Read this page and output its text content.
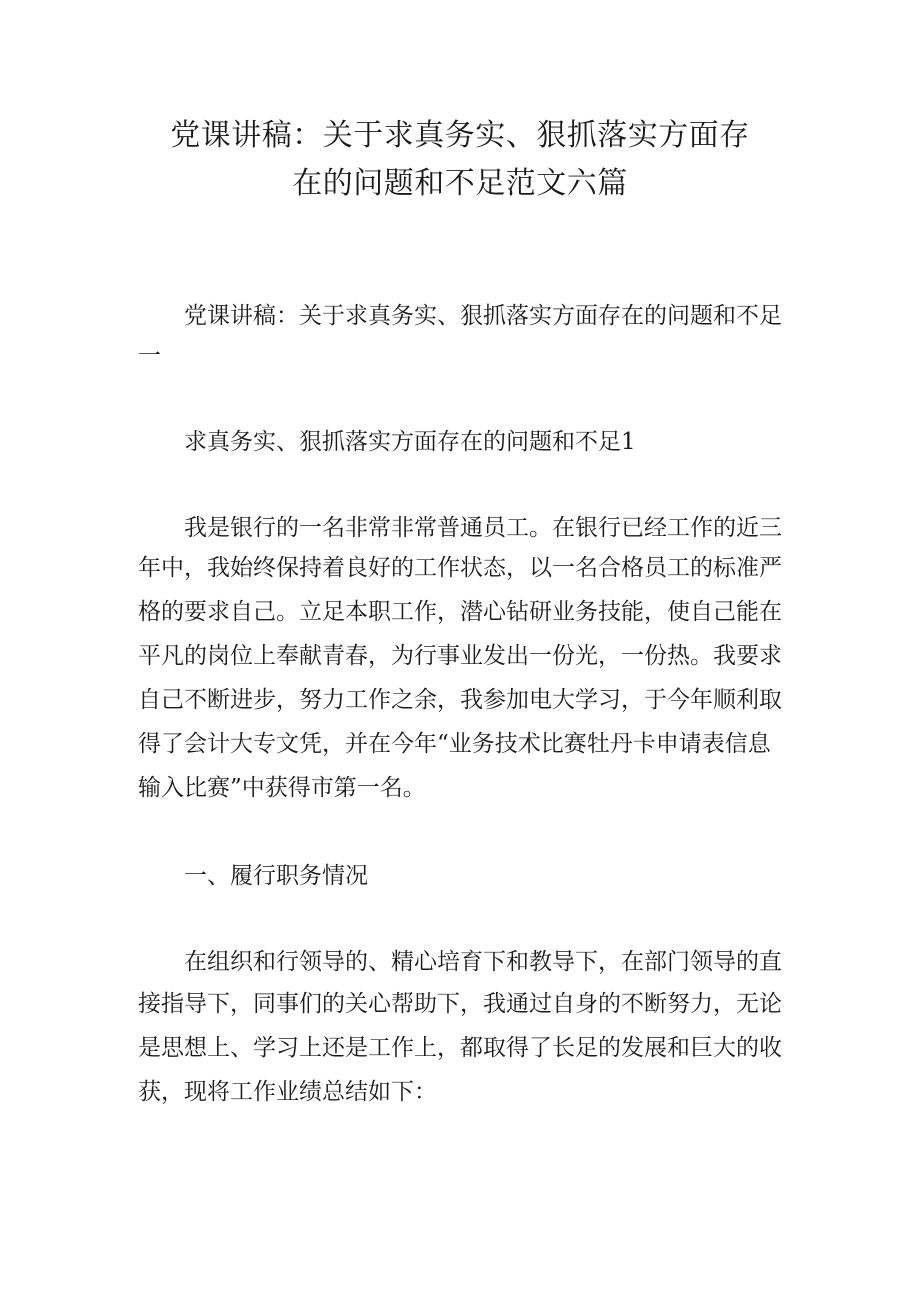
党课讲稿：关于求真务实、狠抓落实方面存
在的问题和不足范文六篇

党课讲稿：关于求真务实、狠抓落实方面存在的问题和不足

一

求真务实、狠抓落实方面存在的问题和不足1

我是银行的一名非常非常普通员工。在银行已经工作的近三

年中，我始终保持着良好的工作状态，以一名合格员工的标准严

格的要求自己。立足本职工作，潜心钻研业务技能，使自己能在

平凡的岗位上奉献青春，为行事业发出一份光，一份热。我要求

自己不断进步，努力工作之余，我参加电大学习，于今年顺利取

得了会计大专文凭，并在今年“业务技术比赛牡丹卡申请表信息

输入比赛”中获得市第一名。

一、履行职务情况

在组织和行领导的、精心培育下和教导下，在部门领导的直

接指导下，同事们的关心帮助下，我通过自身的不断努力，无论

是思想上、学习上还是工作上，都取得了长足的发展和巨大的收

获，现将工作业绩总结如下：
